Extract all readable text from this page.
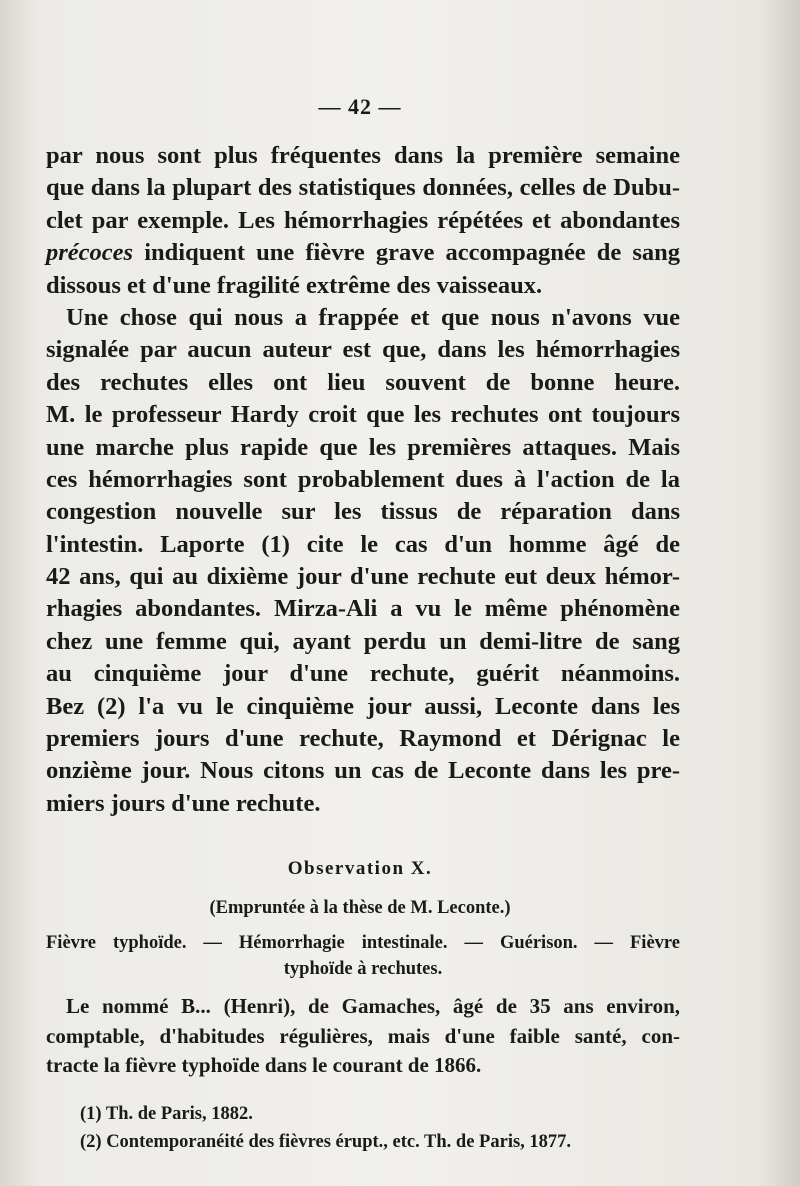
— 42 —
par nous sont plus fréquentes dans la première semaine
que dans la plupart des statistiques données, celles de Dubu-
clet par exemple. Les hémorrhagies répétées et abondantes
précoces indiquent une fièvre grave accompagnée de sang
dissous et d'une fragilité extrême des vaisseaux.
Une chose qui nous a frappée et que nous n'avons vue
signalée par aucun auteur est que, dans les hémorrhagies
des rechutes elles ont lieu souvent de bonne heure.
M. le professeur Hardy croit que les rechutes ont toujours
une marche plus rapide que les premières attaques. Mais
ces hémorrhagies sont probablement dues à l'action de la
congestion nouvelle sur les tissus de réparation dans
l'intestin. Laporte (1) cite le cas d'un homme âgé de
42 ans, qui au dixième jour d'une rechute eut deux hémor-
rhagies abondantes. Mirza-Ali a vu le même phénomène
chez une femme qui, ayant perdu un demi-litre de sang
au cinquième jour d'une rechute, guérit néanmoins.
Bez (2) l'a vu le cinquième jour aussi, Leconte dans les
premiers jours d'une rechute, Raymond et Dérignac le
onzième jour. Nous citons un cas de Leconte dans les pre-
miers jours d'une rechute.
Observation X.
(Empruntée à la thèse de M. Leconte.)
Fièvre typhoïde. — Hémorrhagie intestinale. — Guérison. — Fièvre
typhoïde à rechutes.
Le nommé B... (Henri), de Gamaches, âgé de 35 ans environ,
comptable, d'habitudes régulières, mais d'une faible santé, con-
tracte la fièvre typhoïde dans le courant de 1866.
(1) Th. de Paris, 1882.
(2) Contemporanéité des fièvres érupt., etc. Th. de Paris, 1877.
